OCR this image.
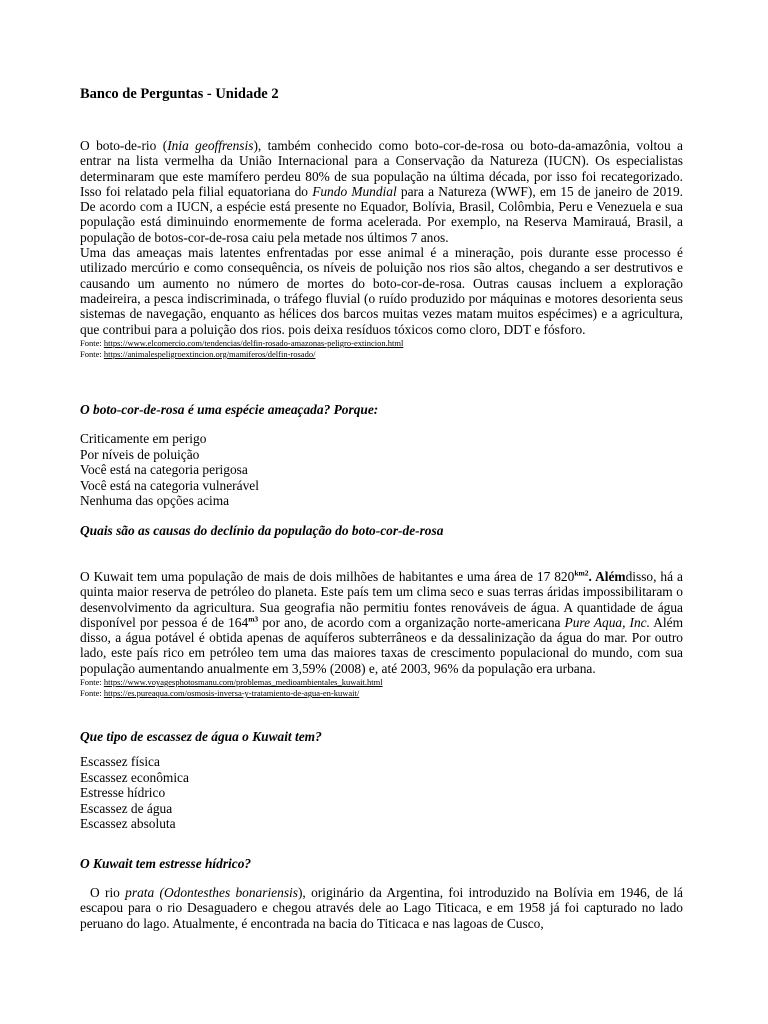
Banco de Perguntas - Unidade 2

O boto-de-rio (Inia geoffrensis), também conhecido como boto-cor-de-rosa ou boto-da-amazônia, voltou a entrar na lista vermelha da União Internacional para a Conservação da Natureza (IUCN). Os especialistas determinaram que este mamífero perdeu 80% de sua população na última década, por isso foi recategorizado. Isso foi relatado pela filial equatoriana do Fundo Mundial para a Natureza (WWF), em 15 de janeiro de 2019. De acordo com a IUCN, a espécie está presente no Equador, Bolívia, Brasil, Colômbia, Peru e Venezuela e sua população está diminuindo enormemente de forma acelerada. Por exemplo, na Reserva Mamirauá, Brasil, a população de botos-cor-de-rosa caiu pela metade nos últimos 7 anos.

Uma das ameaças mais latentes enfrentadas por esse animal é a mineração, pois durante esse processo é utilizado mercúrio e como consequência, os níveis de poluição nos rios são altos, chegando a ser destrutivos e causando um aumento no número de mortes do boto-cor-de-rosa. Outras causas incluem a exploração madeireira, a pesca indiscriminada, o tráfego fluvial (o ruído produzido por máquinas e motores desorienta seus sistemas de navegação, enquanto as hélices dos barcos muitas vezes matam muitos espécimes) e a agricultura, que contribui para a poluição dos rios. pois deixa resíduos tóxicos como cloro, DDT e fósforo.

Fonte: https://www.elcomercio.com/tendencias/delfin-rosado-amazonas-peligro-extincion.html
Fonte: https://animalespeligroextincion.org/mamiferos/delfin-rosado/
O boto-cor-de-rosa é uma espécie ameaçada? Porque:
Criticamente em perigo
Por níveis de poluição
Você está na categoria perigosa
Você está na categoria vulnerável
Nenhuma das opções acima
Quais são as causas do declínio da população do boto-cor-de-rosa

O Kuwait tem uma população de mais de dois milhões de habitantes e uma área de 17 $820^{km2}$. Alémdisso, há a quinta maior reserva de petróleo do planeta. Este país tem um clima seco e suas terras áridas impossibilitaram o desenvolvimento da agricultura. Sua geografia não permitiu fontes renováveis de água. A quantidade de água disponível por pessoa é de $164^{m3}$ por ano, de acordo com a organização norte-americana Pure Aqua, Inc. Além disso, a água potável é obtida apenas de aquíferos subterrâneos e da dessalinização da água do mar. Por outro lado, este país rico em petróleo tem uma das maiores taxas de crescimento populacional do mundo, com sua população aumentando anualmente em 3,59% (2008) e, até 2003, 96% da população era urbana.

Fonte: https://www.voyagesphotosmanu.com/problemas_medioambientales_kuwait.html
Fonte: https://es.pureaqua.com/osmosis-inversa-y-tratamiento-de-agua-en-kuwait/
Que tipo de escassez de água o Kuwait tem?
Escassez física
Escassez econômica
Estresse hídrico
Escassez de água
Escassez absoluta
O Kuwait tem estresse hídrico?

O rio prata (Odontesthes bonariensis), originário da Argentina, foi introduzido na Bolívia em 1946, de lá escapou para o rio Desaguadero e chegou através dele ao Lago Titicaca, e em 1958 já foi capturado no lado peruano do lago. Atualmente, é encontrada na bacia do Titicaca e nas lagoas de Cusco,
